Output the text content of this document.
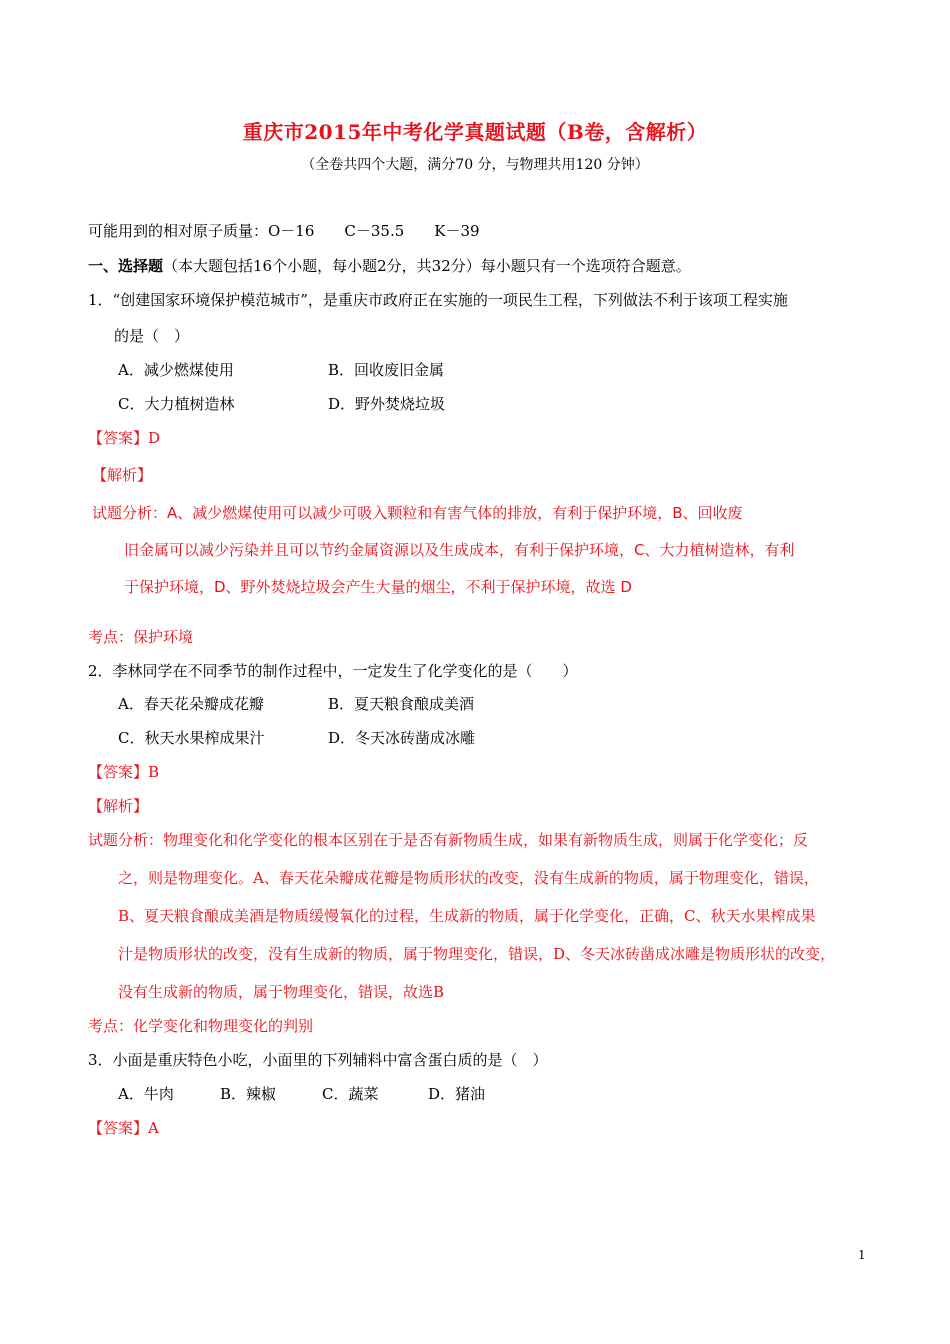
重庆市2015年中考化学真题试题（B卷，含解析）
（全卷共四个大题，满分70 分，与物理共用120 分钟）
可能用到的相对原子质量：O－16　　C－35.5　　K－39
一、选择题（本大题包括16个小题，每小题2分，共32分）每小题只有一个选项符合题意。
1．“创建国家环境保护模范城市”，是重庆市政府正在实施的一项民生工程，下列做法不利于该项工程实施
的是（　）
A．减少燃煤使用	B．回收废旧金属
C．大力植树造林	D．野外焚烧垃圾
【答案】D
【解析】
试题分析：A、减少燃煤使用可以减少可吸入颗粒和有害气体的排放，有利于保护环境，B、回收废
旧金属可以减少污染并且可以节约金属资源以及生成成本，有利于保护环境，C、大力植树造林，有利
于保护环境，D、野外焚烧垃圾会产生大量的烟尘，不利于保护环境，故选 D
考点：保护环境
2．李林同学在不同季节的制作过程中，一定发生了化学变化的是（　　）
A．春天花朵瓣成花瓣	B．夏天粮食酿成美酒
C．秋天水果榨成果汁	D．冬天冰砖凿成冰雕
【答案】B
【解析】
试题分析：物理变化和化学变化的根本区别在于是否有新物质生成，如果有新物质生成，则属于化学变化；反
之，则是物理变化。A、春天花朵瓣成花瓣是物质形状的改变，没有生成新的物质，属于物理变化，错误，
B、夏天粮食酿成美酒是物质缓慢氧化的过程，生成新的物质，属于化学变化，正确，C、秋天水果榨成果
汁是物质形状的改变，没有生成新的物质，属于物理变化，错误，D、冬天冰砖凿成冰雕是物质形状的改变，
没有生成新的物质，属于物理变化，错误，故选B
考点：化学变化和物理变化的判别
3．小面是重庆特色小吃，小面里的下列辅料中富含蛋白质的是（　）
A．牛肉	B．辣椒	C．蔬菜	D．猪油
【答案】A
1
